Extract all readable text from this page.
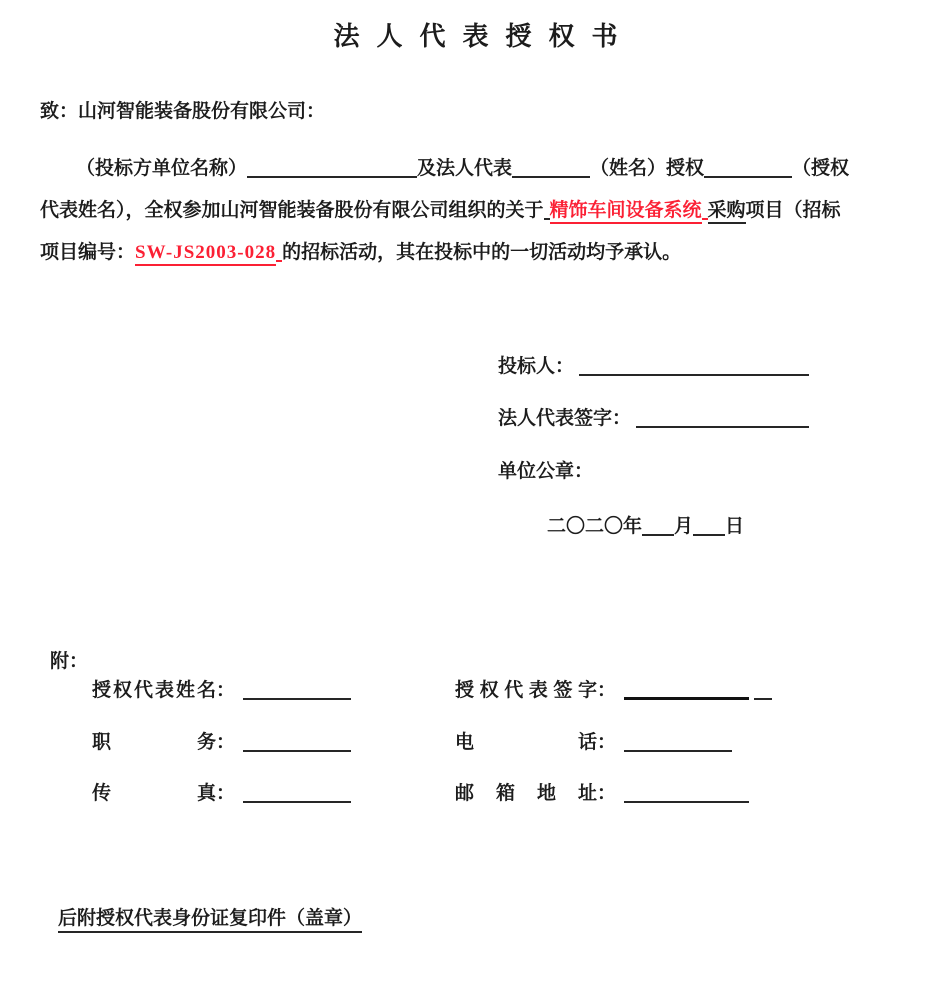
法人代表授权书
致：山河智能装备股份有限公司：
（投标方单位名称）	及法人代表	（姓名）授权	（授权
代表姓名），全权参加山河智能装备股份有限公司组织的关于 精饰车间设备系统 采购项目（招标
项目编号：SW-JS2003-028 的招标活动，其在投标中的一切活动均予承认。
投标人：
法人代表签字：
单位公章：
二〇二〇年 月 日
附：
授权代表姓名：	授权代表签字：
职务：	电话：
传真：	邮箱地址：
后附授权代表身份证复印件（盖章）
